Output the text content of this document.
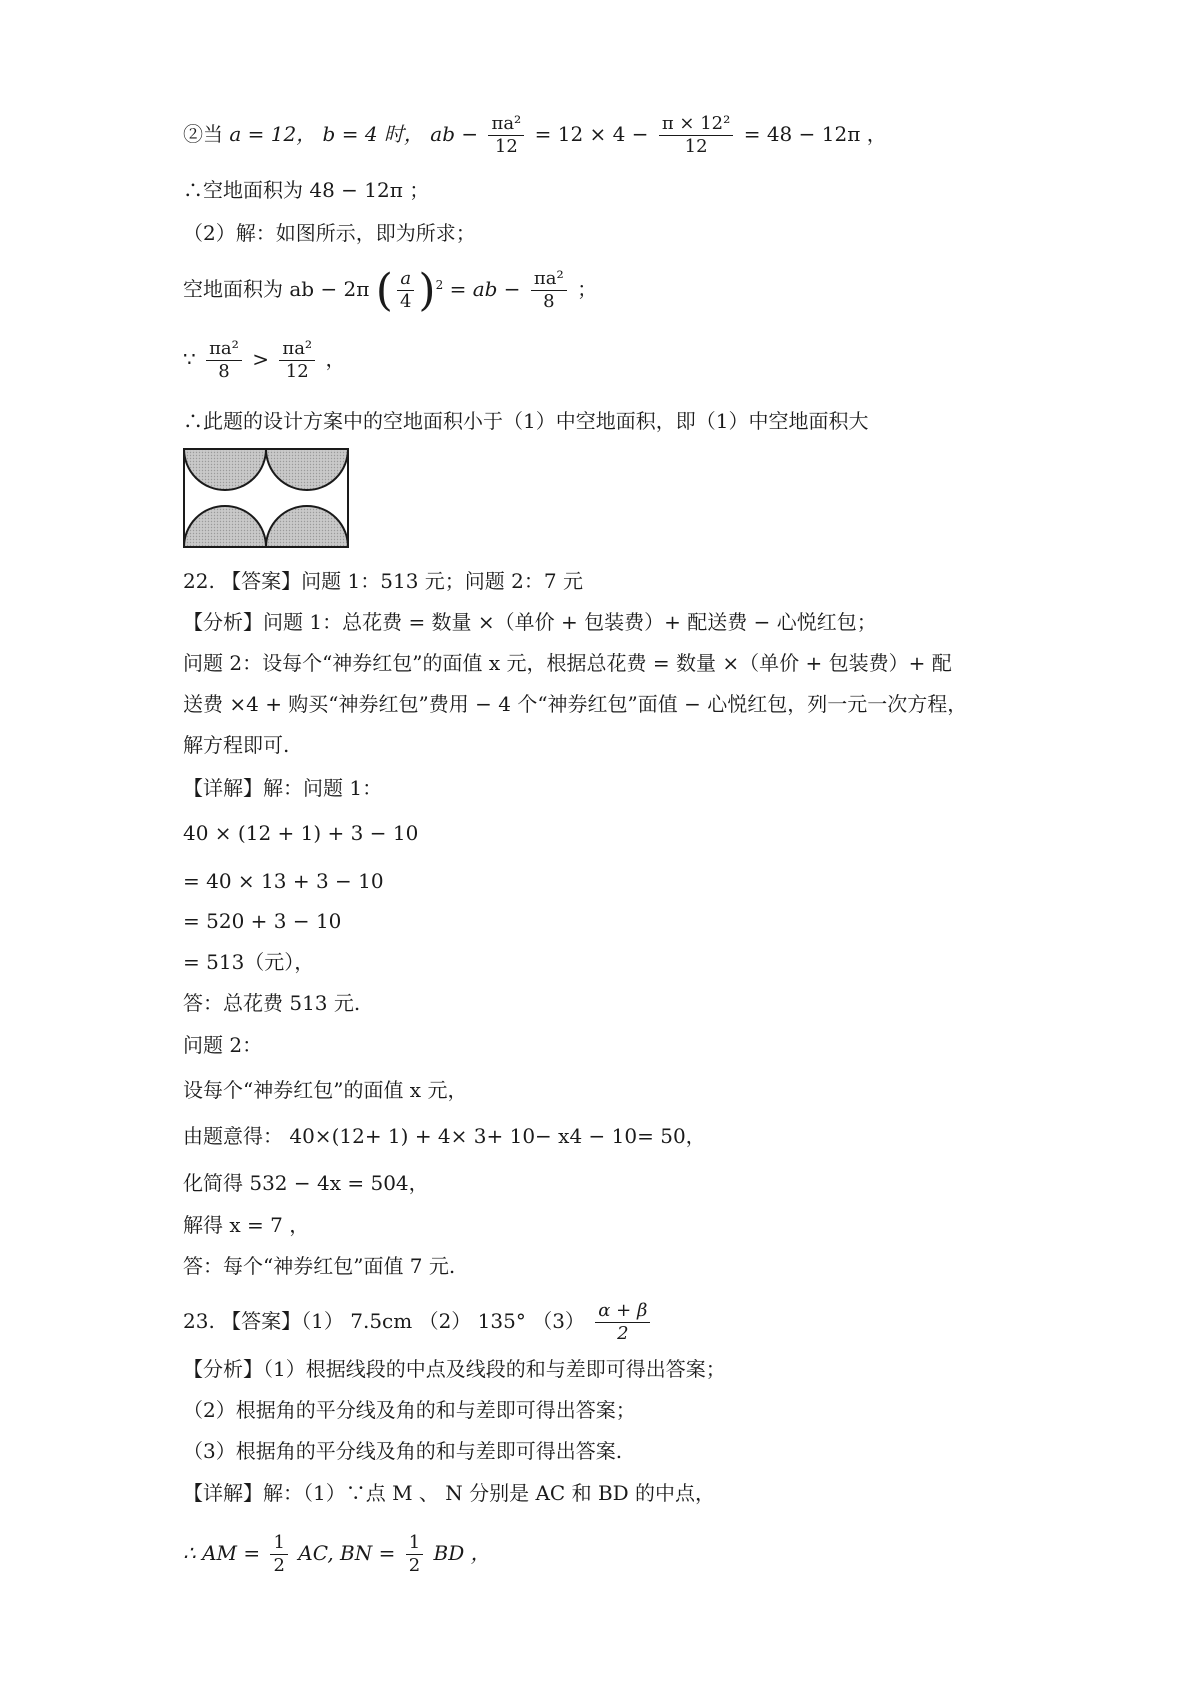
②当 a = 12， b = 4 时， ab − $\frac{\text{πa²}}{12} = 12 \times 4 - \frac{\text{π × 12²}}{12} = 48 - 12\pi$ ，
∴空地面积为 48 − 12π ；
（2）解：如图所示，即为所求；
空地面积为 ab − 2π ( $\frac{a}{4} )^2$ = ab − $\frac{\text{πa²}}{8}$ ；
∵ $\frac{\text{πa²}}{8} > \frac{\text{πa²}}{12}$ ，
∴此题的设计方案中的空地面积小于（1）中空地面积，即（1）中空地面积大
22. 【答案】问题 1：513 元；问题 2：7 元
【分析】问题 1：总花费 = 数量 ×（单价 + 包装费）+ 配送费 − 心悦红包；
问题 2：设每个“神券红包”的面值 x 元，根据总花费 = 数量 ×（单价 + 包装费）+ 配
送费 ×4 + 购买“神券红包”费用 − 4 个“神券红包”面值 − 心悦红包，列一元一次方程，
解方程即可.
【详解】解：问题 1：
40 × (12 + 1) + 3 − 10
= 40 × 13 + 3 − 10
= 520 + 3 − 10
= 513（元），
答：总花费 513 元.
问题 2：
设每个“神券红包”的面值 x 元，
由题意得： 40×(12+ 1) + 4× 3+ 10− x4 − 10= 50，
化简得 532 − 4x = 504，
解得 x = 7 ，
答：每个“神券红包”面值 7 元.
23. 【答案】（1） 7.5cm （2） 135° $(3) \frac{\alpha + \beta}{2}$
【分析】（1）根据线段的中点及线段的和与差即可得出答案；
（2）根据角的平分线及角的和与差即可得出答案；
（3）根据角的平分线及角的和与差即可得出答案.
【详解】解：（1）∵点 M 、 N 分别是 AC 和 BD 的中点，
∴ AM = $\frac{1}{2}$ AC, BN = $\frac{1}{2}$ BD ，
